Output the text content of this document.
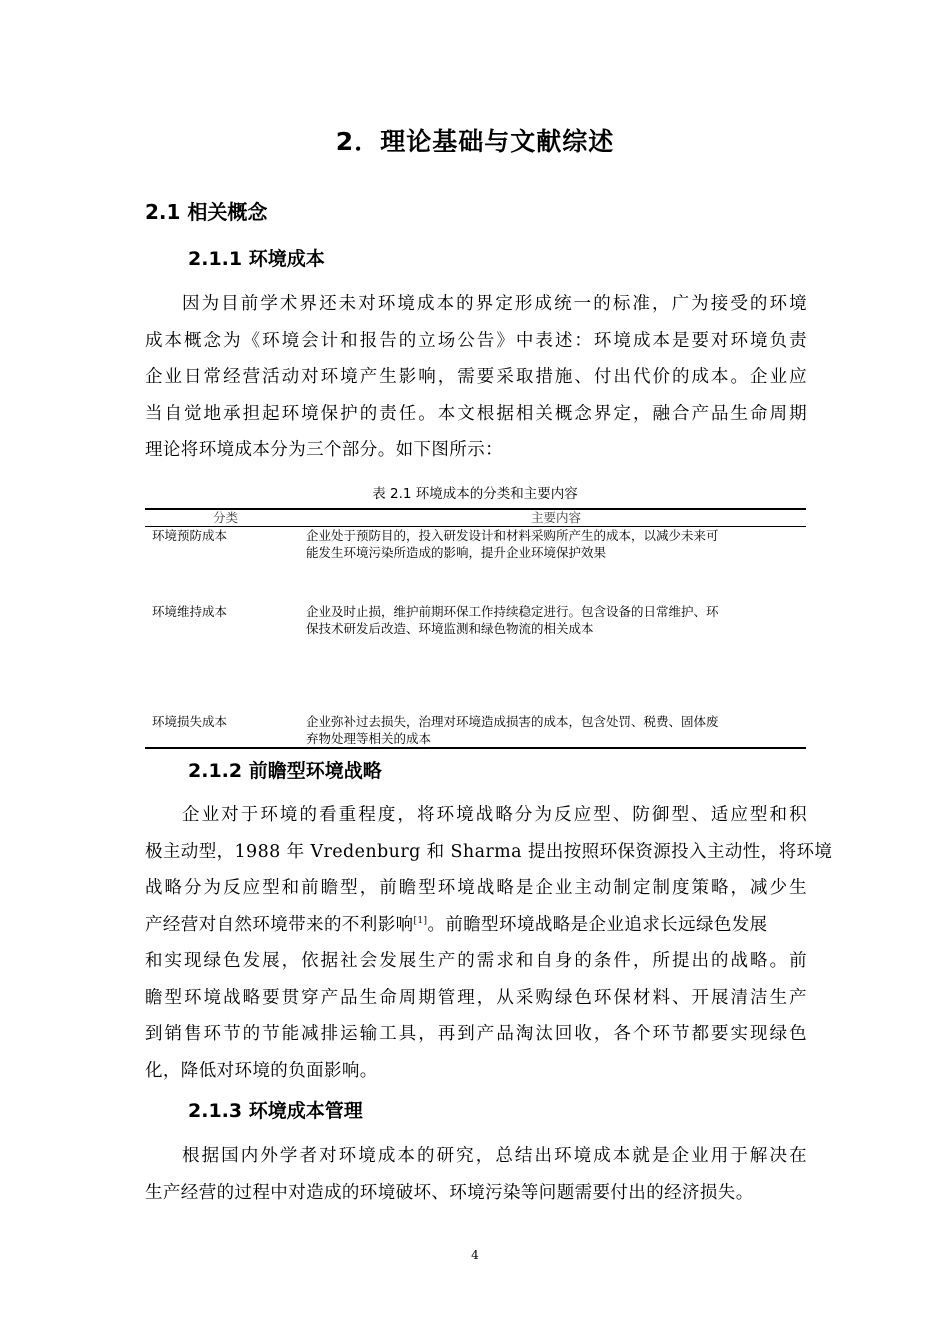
2．理论基础与文献综述
2.1 相关概念
2.1.1 环境成本
因为目前学术界还未对环境成本的界定形成统一的标准，广为接受的环境
成本概念为《环境会计和报告的立场公告》中表述：环境成本是要对环境负责
企业日常经营活动对环境产生影响，需要采取措施、付出代价的成本。企业应
当自觉地承担起环境保护的责任。本文根据相关概念界定，融合产品生命周期
理论将环境成本分为三个部分。如下图所示：
表 2.1 环境成本的分类和主要内容
分类	主要内容
环境预防成本	企业处于预防目的，投入研发设计和材料采购所产生的成本，以减少未来可
能发生环境污染所造成的影响，提升企业环境保护效果
环境维持成本	企业及时止损，维护前期环保工作持续稳定进行。包含设备的日常维护、环
保技术研发后改造、环境监测和绿色物流的相关成本
环境损失成本	企业弥补过去损失，治理对环境造成损害的成本，包含处罚、税费、固体废
弃物处理等相关的成本
2.1.2 前瞻型环境战略
企业对于环境的看重程度，将环境战略分为反应型、防御型、适应型和积
极主动型，1988 年 Vredenburg 和 Sharma 提出按照环保资源投入主动性，将环境
战略分为反应型和前瞻型，前瞻型环境战略是企业主动制定制度策略，减少生
产经营对自然环境带来的不利影响[1]。前瞻型环境战略是企业追求长远绿色发展
和实现绿色发展，依据社会发展生产的需求和自身的条件，所提出的战略。前
瞻型环境战略要贯穿产品生命周期管理，从采购绿色环保材料、开展清洁生产
到销售环节的节能减排运输工具，再到产品淘汰回收，各个环节都要实现绿色
化，降低对环境的负面影响。
2.1.3 环境成本管理
根据国内外学者对环境成本的研究，总结出环境成本就是企业用于解决在
生产经营的过程中对造成的环境破坏、环境污染等问题需要付出的经济损失。
4
